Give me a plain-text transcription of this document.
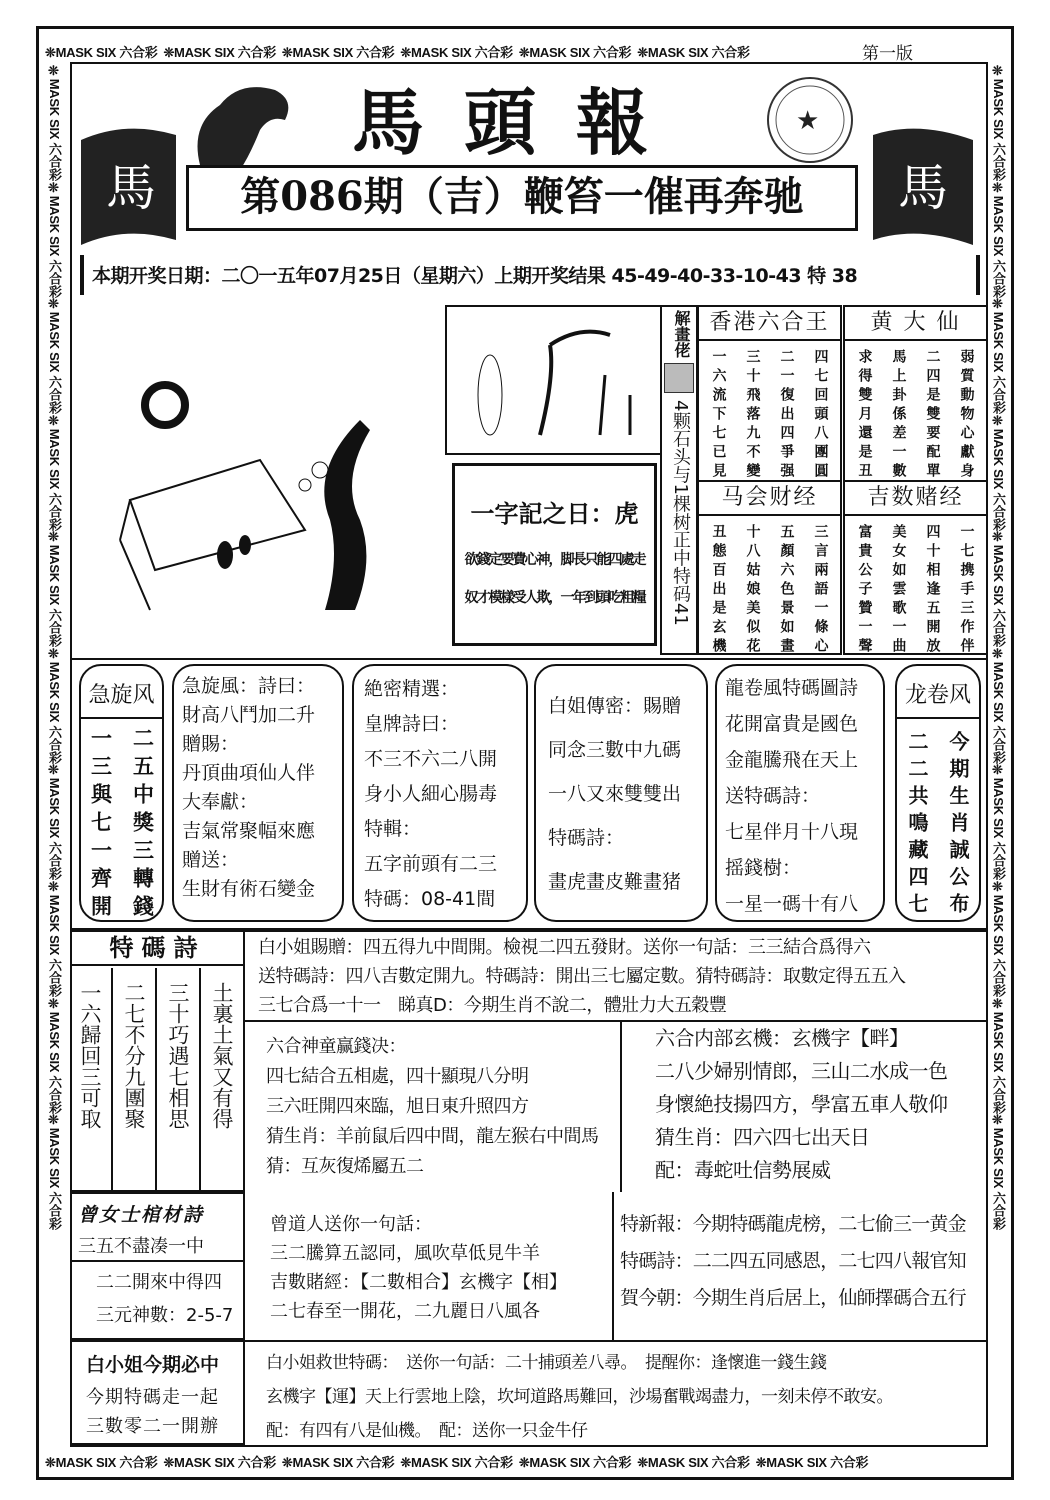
❊MASK SIX 六合彩 ❊MASK SIX 六合彩 ❊MASK SIX 六合彩 ❊MASK SIX 六合彩 ❊MASK SIX 六合彩 ❊MASK SIX 六合彩
❊MASK SIX 六合彩 ❊MASK SIX 六合彩 ❊MASK SIX 六合彩 ❊MASK SIX 六合彩 ❊MASK SIX 六合彩 ❊MASK SIX 六合彩 ❊MASK SIX 六合彩
❊MASK SIX 六合彩❊MASK SIX 六合彩❊MASK SIX 六合彩❊MASK SIX 六合彩❊MASK SIX 六合彩❊MASK SIX 六合彩❊MASK SIX 六合彩❊MASK SIX 六合彩❊MASK SIX 六合彩❊MASK SIX 六合彩
❊MASK SIX 六合彩❊MASK SIX 六合彩❊MASK SIX 六合彩❊MASK SIX 六合彩❊MASK SIX 六合彩❊MASK SIX 六合彩❊MASK SIX 六合彩❊MASK SIX 六合彩❊MASK SIX 六合彩❊MASK SIX 六合彩
第一版
馬	馬
★
馬頭報
第086期（吉）鞭笞一催再奔驰
本期开奖日期：二〇一五年07月25日（星期六）上期开奖结果 45-49-40-33-10-43 特 38
一字記之日：虎
欲錢定要費心神，脚長只能四處走
奴才模樣受人欺，一年到頭吃粗糧
解畫佬
4颗石头与1棵树正中特码41
香港六合王
四七回頭八團圓
二一復出四爭强
三十飛落九不變
一六流下七已見
黄 大 仙
弱質動物心獻身
二四是雙要配單
馬上卦係差一數
求得雙月還是丑
马会财经
三言兩語一條心
五顏六色景如畫
十八姑娘美似花
丑態百出是玄機
吉数赌经
一七携手三作伴
四十相逢五開放
美女如雲歌一曲
富貴公子贊一聲
急旋风
二五中獎三轉錢
一三與七一齊開
急旋風：詩曰：
財高八鬥加二升
贈賜：
丹頂曲項仙人伴
大奉獻：
吉氣常聚幅來應
贈送：
生財有術石變金
絶密精選：
皇牌詩曰：
不三不六二八開
身小人細心腸毒
特輯：
五字前頭有二三
特碼：08-41間
白姐傳密：賜贈
同念三數中九碼
一八又來雙雙出
特碼詩：
畫虎畫皮難畫猪
龍卷風特碼圖詩
花開富貴是國色
金龍騰飛在天上
送特碼詩：
七星伴月十八現
摇錢樹：
一星一碼十有八
龙卷风
今期生肖誠公布
二二共鳴藏四七
特碼詩
土裏土氣又有得
三十巧遇七相思
二七不分九團聚
一六歸回三可取
白小姐賜贈：四五得九中間開。檢視二四五發財。送你一句話：三三結合爲得六
送特碼詩：四八吉數定開九。特碼詩：開出三七屬定數。猜特碼詩：取數定得五五入
三七合爲一十一　睇真D：今期生肖不說二，體壯力大五穀豐
六合神童赢錢决：
四七結合五相處，四十顯現八分明
三六旺開四來臨，旭日東升照四方
猜生肖：羊前鼠后四中間，龍左猴右中間馬
猜：互灰復烯屬五二
六合内部玄機：玄機字【畔】
二八少婦别情郎，三山二水成一色
身懷絶技揚四方，學富五車人敬仰
猜生肖：四六四七出天日
配：毒蛇吐信勢展威
曾女士棺材詩
三五不盡凑一中
二二開來中得四
三元神數：2-5-7
白小姐今期必中
今期特碼走一起
三數零二一開辦
曾道人送你一句話：
三二騰算五認同，風吹草低見牛羊
吉數賭經：【二數相合】玄機字【相】
二七春至一開花，二九麗日八風各
特新報：今期特碼龍虎榜，二七偷三一黄金
特碼詩：二二四五同感恩，二七四八報官知
賀今朝：今期生肖后居上，仙師擇碼合五行
白小姐救世特碼：　送你一句話：二十捕頭差八尋。　提醒你：逢懷進一錢生錢
玄機字【運】天上行雲地上陰，坎坷道路馬難回，沙場奮戰竭盡力，一刻未停不敢安。
配：有四有八是仙機。　配：送你一只金牛仔
